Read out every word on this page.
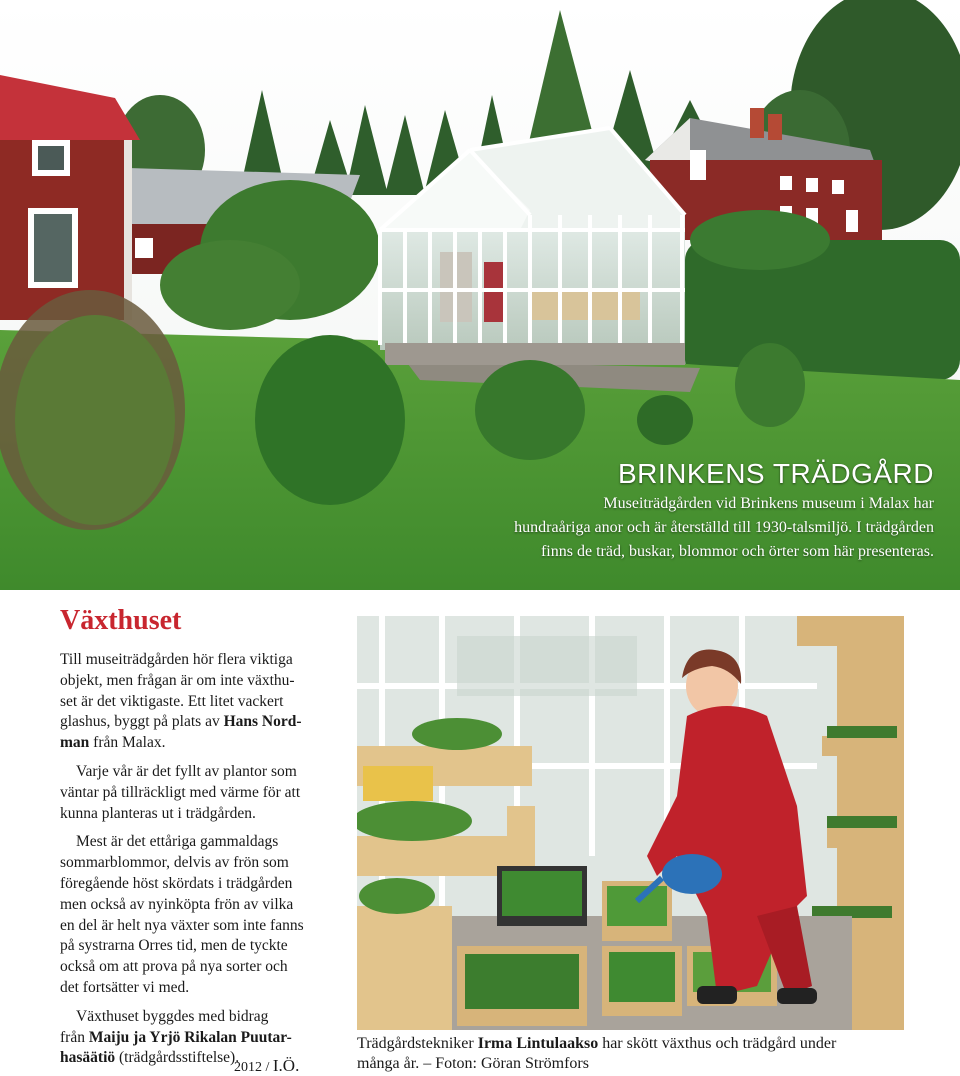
BRINKENS TRÄDGÅRD

Museiträdgården vid Brinkens museum i Malax har
hundraåriga anor och är återställd till 1930-talsmiljö. I trädgården
finns de träd, buskar, blommor och örter som här presenteras.

Växthuset

Till museiträdgården hör flera viktiga
objekt, men frågan är om inte växthu-
set är det viktigaste. Ett litet vackert
glashus, byggt på plats av Hans Nord-
man från Malax.

Varje vår är det fyllt av plantor som
väntar på tillräckligt med värme för att
kunna planteras ut i trädgården.

Mest är det ettåriga gammaldags
sommarblommor, delvis av frön som
föregående höst skördats i trädgården
men också av nyinköpta frön av vilka
en del är helt nya växter som inte fanns
på systrarna Orres tid, men de tyckte
också om att prova på nya sorter och
det fortsätter vi med.

Växthuset byggdes med bidrag
från Maiju ja Yrjö Rikalan Puutar-
hasäätiö (trädgårdsstiftelse).

2012 / I.Ö.

Trädgårdstekniker Irma Lintulaakso har skött växthus och trädgård under
många år. – Foton: Göran Strömfors
